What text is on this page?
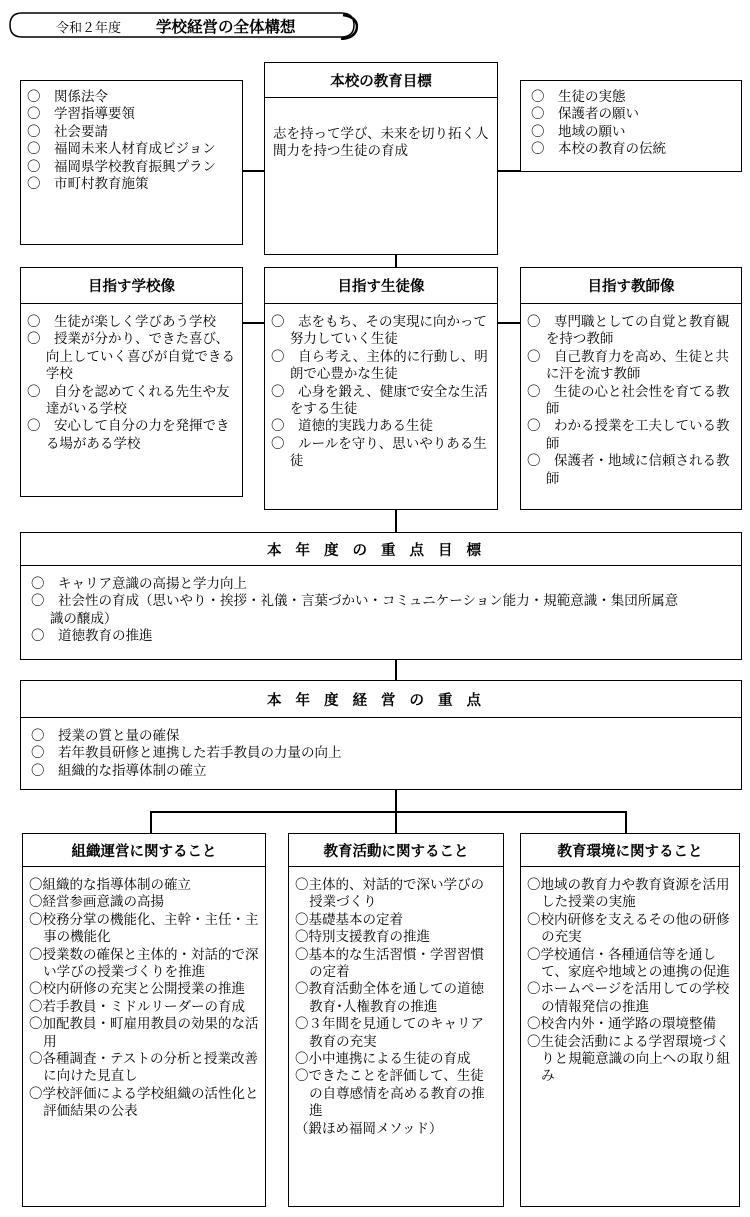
令和２年度 学校経営の全体構想
〇　関係法令
〇　学習指導要領
〇　社会要請
〇　福岡未来人材育成ビジョン
〇　福岡県学校教育振興プラン
〇　市町村教育施策
本校の教育目標
志を持って学び、未来を切り拓く人間力を持つ生徒の育成
〇　生徒の実態
〇　保護者の願い
〇　地域の願い
〇　本校の教育の伝統
目指す学校像
〇　生徒が楽しく学びあう学校
〇　授業が分かり、できた喜び、向上していく喜びが自覚できる学校
〇　自分を認めてくれる先生や友達がいる学校
〇　安心して自分の力を発揮できる場がある学校
目指す生徒像
〇　志をもち、その実現に向かって努力していく生徒
〇　自ら考え、主体的に行動し、明朗で心豊かな生徒
〇　心身を鍛え、健康で安全な生活をする生徒
〇　道徳的実践力ある生徒
〇　ルールを守り、思いやりある生徒
目指す教師像
〇　専門職としての自覚と教育観を持つ教師
〇　自己教育力を高め、生徒と共に汗を流す教師
〇　生徒の心と社会性を育てる教師
〇　わかる授業を工夫している教師
〇　保護者・地域に信頼される教師
本年度の重点目標
〇　キャリア意識の高揚と学力向上
〇　社会性の育成（思いやり・挨拶・礼儀・言葉づかい・コミュニケーション能力・規範意識・集団所属意識の醸成）
〇　道徳教育の推進
本年度経営の重点
〇　授業の質と量の確保
〇　若年教員研修と連携した若手教員の力量の向上
〇　組織的な指導体制の確立
組織運営に関すること
〇組織的な指導体制の確立
〇経営参画意識の高揚
〇校務分掌の機能化、主幹・主任・主事の機能化
〇授業数の確保と主体的・対話的で深い学びの授業づくりを推進
〇校内研修の充実と公開授業の推進
〇若手教員・ミドルリーダーの育成
〇加配教員・町雇用教員の効果的な活用
〇各種調査・テストの分析と授業改善に向けた見直し
〇学校評価による学校組織の活性化と評価結果の公表
教育活動に関すること
〇主体的、対話的で深い学びの授業づくり
〇基礎基本の定着
〇特別支援教育の推進
〇基本的な生活習慣・学習習慣の定着
〇教育活動全体を通しての道徳教育･人権教育の推進
〇３年間を見通してのキャリア教育の充実
〇小中連携による生徒の育成
〇できたことを評価して、生徒の自尊感情を高める教育の推進
（鍛ほめ福岡メソッド）
教育環境に関すること
〇地域の教育力や教育資源を活用した授業の実施
〇校内研修を支えるその他の研修の充実
〇学校通信・各種通信等を通して、家庭や地域との連携の促進
〇ホームページを活用しての学校の情報発信の推進
〇校舎内外・通学路の環境整備
〇生徒会活動による学習環境づくりと規範意識の向上への取り組み
